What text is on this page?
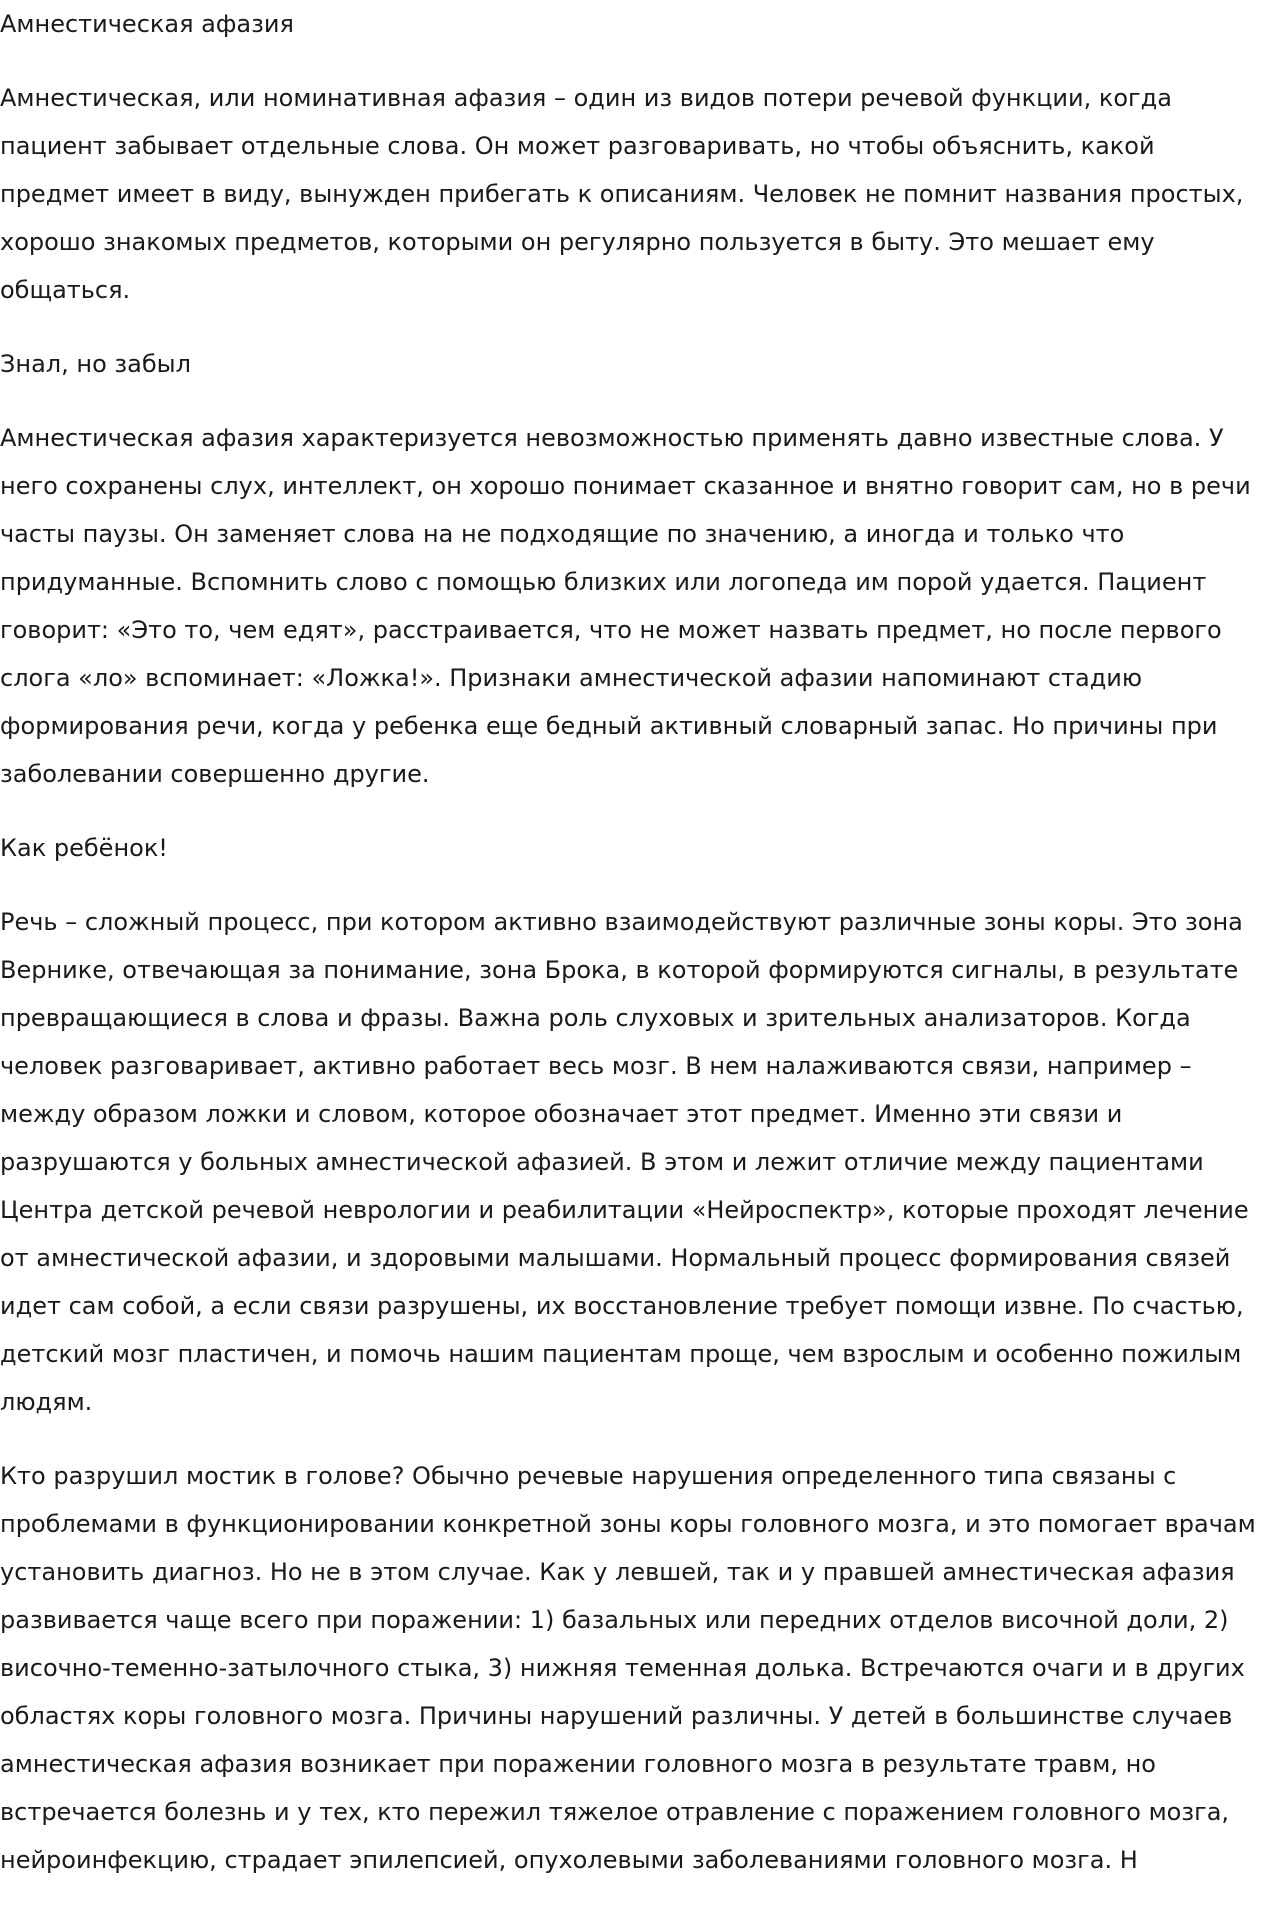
Амнестическая афазия

Амнестическая, или номинативная афазия – один из видов потери речевой функции, когда пациент забывает отдельные слова. Он может разговаривать, но чтобы объяснить, какой предмет имеет в виду, вынужден прибегать к описаниям. Человек не помнит названия простых, хорошо знакомых предметов, которыми он регулярно пользуется в быту. Это мешает ему общаться.

Знал, но забыл

Амнестическая афазия характеризуется невозможностью применять давно известные слова. У него сохранены слух, интеллект, он хорошо понимает сказанное и внятно говорит сам, но в речи часты паузы. Он заменяет слова на не подходящие по значению, а иногда и только что придуманные. Вспомнить слово с помощью близких или логопеда им порой удается. Пациент говорит: «Это то, чем едят», расстраивается, что не может назвать предмет, но после первого слога «ло» вспоминает: «Ложка!». Признаки амнестической афазии напоминают стадию формирования речи, когда у ребенка еще бедный активный словарный запас. Но причины при заболевании совершенно другие.

Как ребёнок!

Речь – сложный процесс, при котором активно взаимодействуют различные зоны коры. Это зона Вернике, отвечающая за понимание, зона Брока, в которой формируются сигналы, в результате превращающиеся в слова и фразы. Важна роль слуховых и зрительных анализаторов. Когда человек разговаривает, активно работает весь мозг. В нем налаживаются связи, например – между образом ложки и словом, которое обозначает этот предмет. Именно эти связи и разрушаются у больных амнестической афазией. В этом и лежит отличие между пациентами Центра детской речевой неврологии и реабилитации «Нейроспектр», которые проходят лечение от амнестической афазии, и здоровыми малышами. Нормальный процесс формирования связей идет сам собой, а если связи разрушены, их восстановление требует помощи извне. По счастью, детский мозг пластичен, и помочь нашим пациентам проще, чем взрослым и особенно пожилым людям.

Кто разрушил мостик в голове? Обычно речевые нарушения определенного типа связаны с проблемами в функционировании конкретной зоны коры головного мозга, и это помогает врачам установить диагноз. Но не в этом случае. Как у левшей, так и у правшей амнестическая афазия развивается чаще всего при поражении: 1) базальных или передних отделов височной доли, 2) височно-теменно-затылочного стыка, 3) нижняя теменная долька. Встречаются очаги и в других областях коры головного мозга. Причины нарушений различны. У детей в большинстве случаев амнестическая афазия возникает при поражении головного мозга в результате травм, но встречается болезнь и у тех, кто пережил тяжелое отравление с поражением головного мозга, нейроинфекцию, страдает эпилепсией, опухолевыми заболеваниями головного мозга. Н
